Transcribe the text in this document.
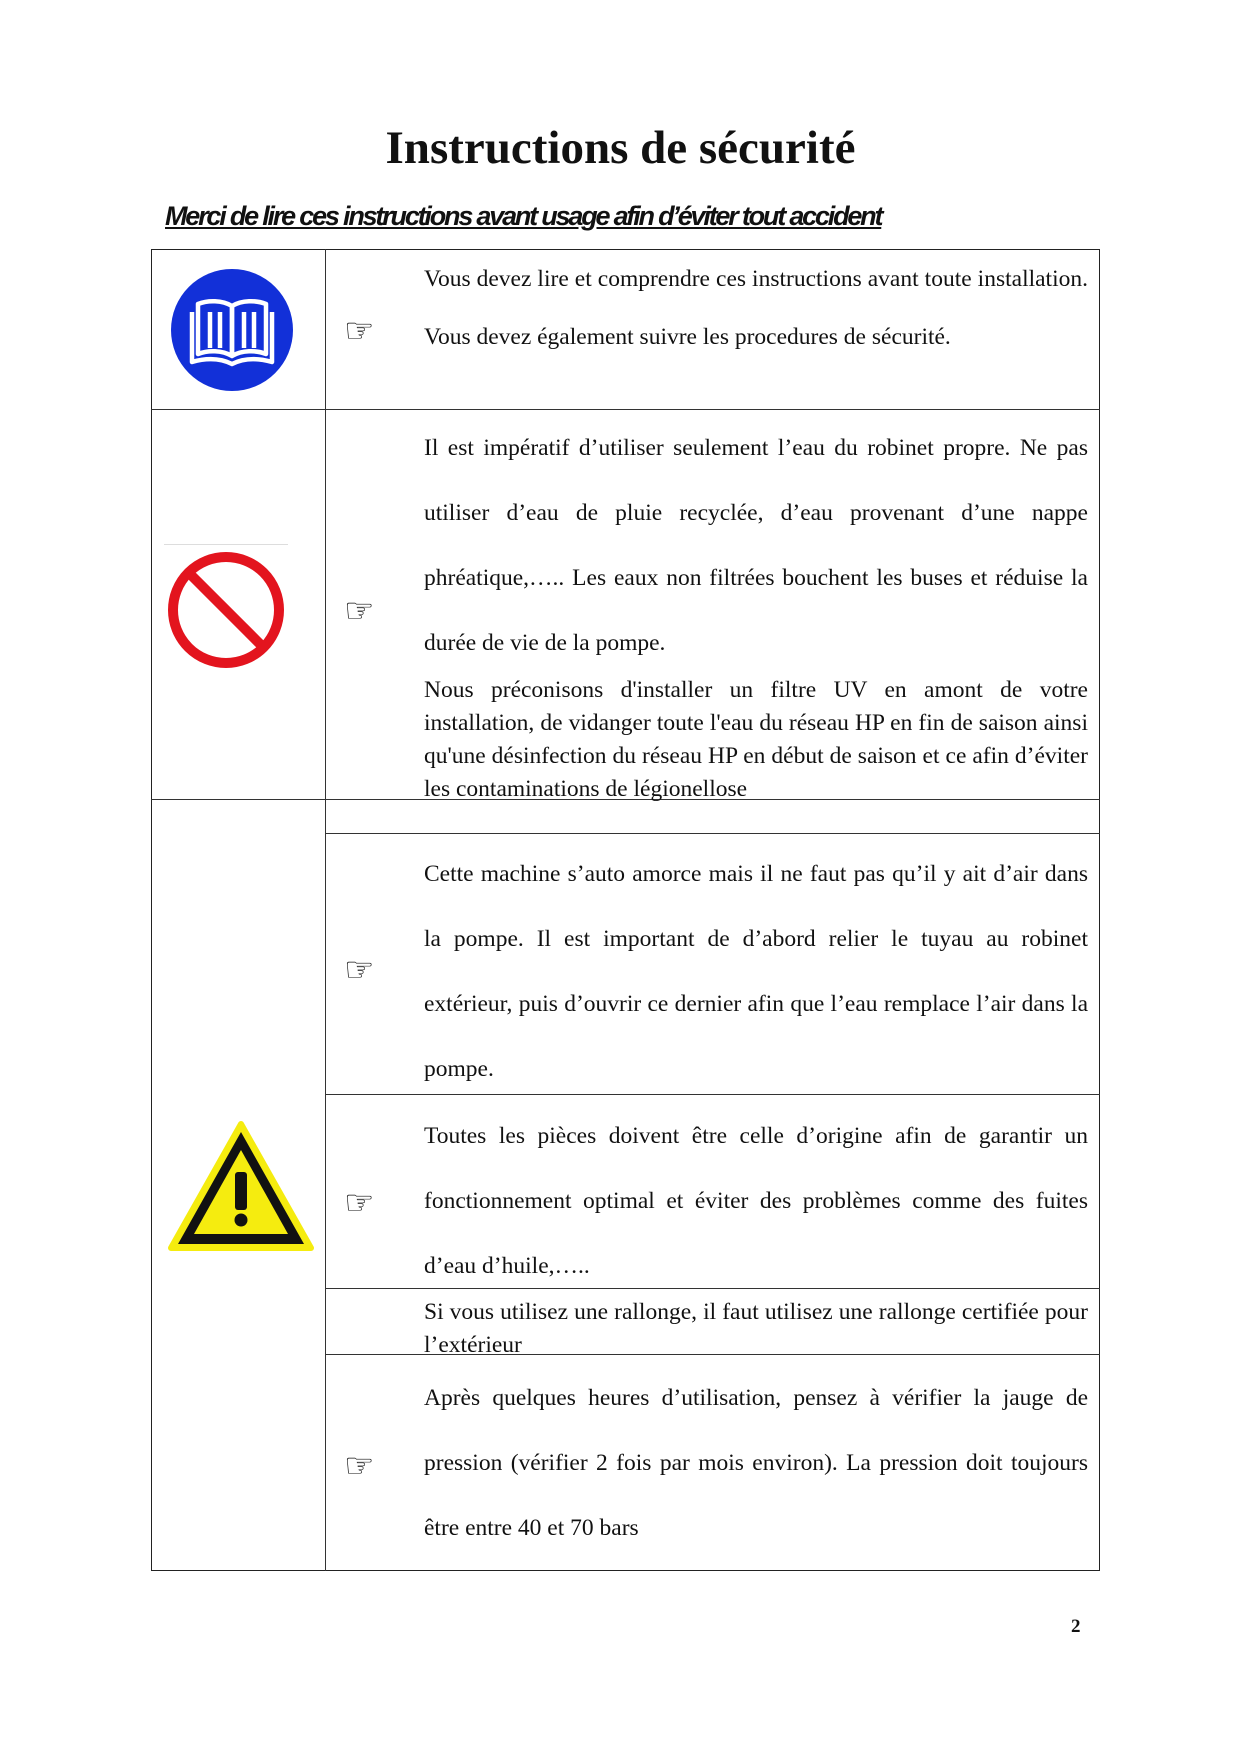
Instructions de sécurité
Merci de lire ces instructions avant usage afin d’éviter tout accident
☞
☞
☞
☞
☞

Vous devez lire et comprendre ces instructions avant toute installation. Vous devez également suivre les procedures de sécurité.

Il est impératif d’utiliser seulement l’eau du robinet propre. Ne pas utiliser d’eau de pluie recyclée, d’eau provenant d’une nappe phréatique,….. Les eaux non filtrées bouchent les buses et réduise la durée de vie de la pompe.

Nous préconisons d'installer un filtre UV en amont de votre installation, de vidanger toute l'eau du réseau HP en fin de saison ainsi qu'une désinfection du réseau HP en début de saison et ce afin d’éviter les contaminations de légionellose

Cette machine s’auto amorce mais il ne faut pas qu’il y ait d’air dans la pompe. Il est important de d’abord relier le tuyau au robinet extérieur, puis d’ouvrir ce dernier afin que l’eau remplace l’air dans la pompe.

Toutes les pièces doivent être celle d’origine afin de garantir un fonctionnement optimal et éviter des problèmes comme des fuites d’eau d’huile,…..

Si vous utilisez une rallonge, il faut utilisez une rallonge certifiée pour l’extérieur

Après quelques heures d’utilisation, pensez à vérifier la jauge de pression (vérifier 2 fois par mois environ). La pression doit toujours être entre 40 et 70 bars

2
